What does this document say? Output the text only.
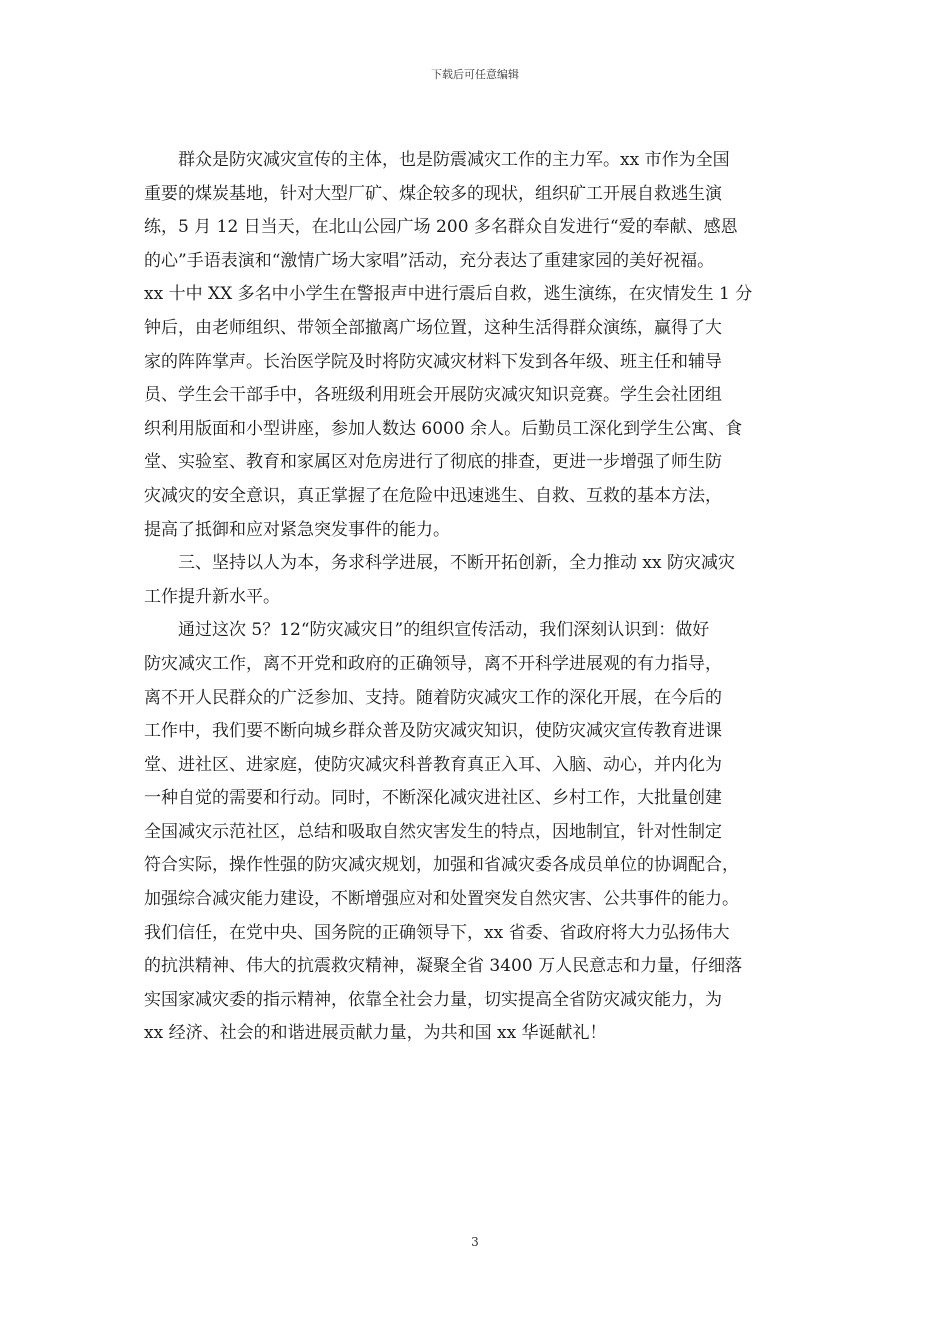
下载后可任意编辑
群众是防灾减灾宣传的主体，也是防震减灾工作的主力军。xx 市作为全国
重要的煤炭基地，针对大型厂矿、煤企较多的现状，组织矿工开展自救逃生演
练，5 月 12 日当天，在北山公园广场 200 多名群众自发进行“爱的奉献、感恩
的心”手语表演和“激情广场大家唱”活动，充分表达了重建家园的美好祝福。
xx 十中 XX 多名中小学生在警报声中进行震后自救，逃生演练，在灾情发生 1 分
钟后，由老师组织、带领全部撤离广场位置，这种生活得群众演练，赢得了大
家的阵阵掌声。长治医学院及时将防灾减灾材料下发到各年级、班主任和辅导
员、学生会干部手中，各班级利用班会开展防灾减灾知识竞赛。学生会社团组
织利用版面和小型讲座，参加人数达 6000 余人。后勤员工深化到学生公寓、食
堂、实验室、教育和家属区对危房进行了彻底的排查，更进一步增强了师生防
灾减灾的安全意识，真正掌握了在危险中迅速逃生、自救、互救的基本方法，
提高了抵御和应对紧急突发事件的能力。
三、坚持以人为本，务求科学进展，不断开拓创新，全力推动 xx 防灾减灾
工作提升新水平。
通过这次 5？12“防灾减灾日”的组织宣传活动，我们深刻认识到：做好
防灾减灾工作，离不开党和政府的正确领导，离不开科学进展观的有力指导，
离不开人民群众的广泛参加、支持。随着防灾减灾工作的深化开展，在今后的
工作中，我们要不断向城乡群众普及防灾减灾知识，使防灾减灾宣传教育进课
堂、进社区、进家庭，使防灾减灾科普教育真正入耳、入脑、动心，并内化为
一种自觉的需要和行动。同时，不断深化减灾进社区、乡村工作，大批量创建
全国减灾示范社区，总结和吸取自然灾害发生的特点，因地制宜，针对性制定
符合实际，操作性强的防灾减灾规划，加强和省减灾委各成员单位的协调配合，
加强综合减灾能力建设，不断增强应对和处置突发自然灾害、公共事件的能力。
我们信任，在党中央、国务院的正确领导下，xx 省委、省政府将大力弘扬伟大
的抗洪精神、伟大的抗震救灾精神，凝聚全省 3400 万人民意志和力量，仔细落
实国家减灾委的指示精神，依靠全社会力量，切实提高全省防灾减灾能力，为
xx 经济、社会的和谐进展贡献力量，为共和国 xx 华诞献礼！
3
